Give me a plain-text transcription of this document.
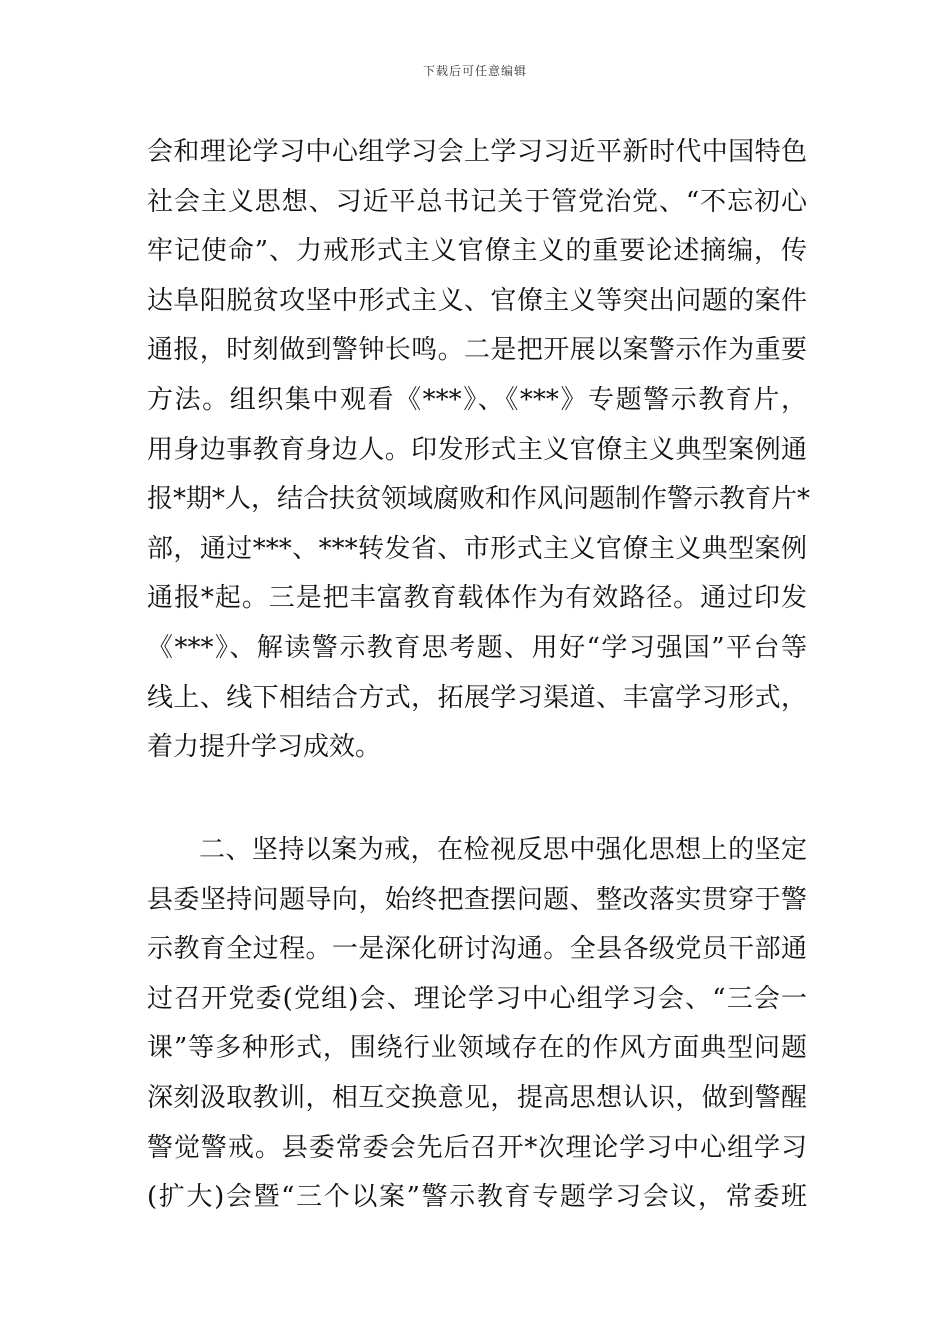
下载后可任意编辑
会和理论学习中心组学习会上学习习近平新时代中国特色
社会主义思想、习近平总书记关于管党治党、“不忘初心
牢记使命”、力戒形式主义官僚主义的重要论述摘编，传
达阜阳脱贫攻坚中形式主义、官僚主义等突出问题的案件
通报，时刻做到警钟长鸣。二是把开展以案警示作为重要
方法。组织集中观看《***》、《***》专题警示教育片，
用身边事教育身边人。印发形式主义官僚主义典型案例通
报*期*人，结合扶贫领域腐败和作风问题制作警示教育片*
部，通过***、***转发省、市形式主义官僚主义典型案例
通报*起。三是把丰富教育载体作为有效路径。通过印发
《***》、解读警示教育思考题、用好“学习强国”平台等
线上、线下相结合方式，拓展学习渠道、丰富学习形式，
着力提升学习成效。
二、坚持以案为戒，在检视反思中强化思想上的坚定
县委坚持问题导向，始终把查摆问题、整改落实贯穿于警
示教育全过程。一是深化研讨沟通。全县各级党员干部通
过召开党委(党组)会、理论学习中心组学习会、“三会一
课”等多种形式，围绕行业领域存在的作风方面典型问题
深刻汲取教训，相互交换意见，提高思想认识，做到警醒
警觉警戒。县委常委会先后召开*次理论学习中心组学习
(扩大)会暨“三个以案”警示教育专题学习会议，常委班
